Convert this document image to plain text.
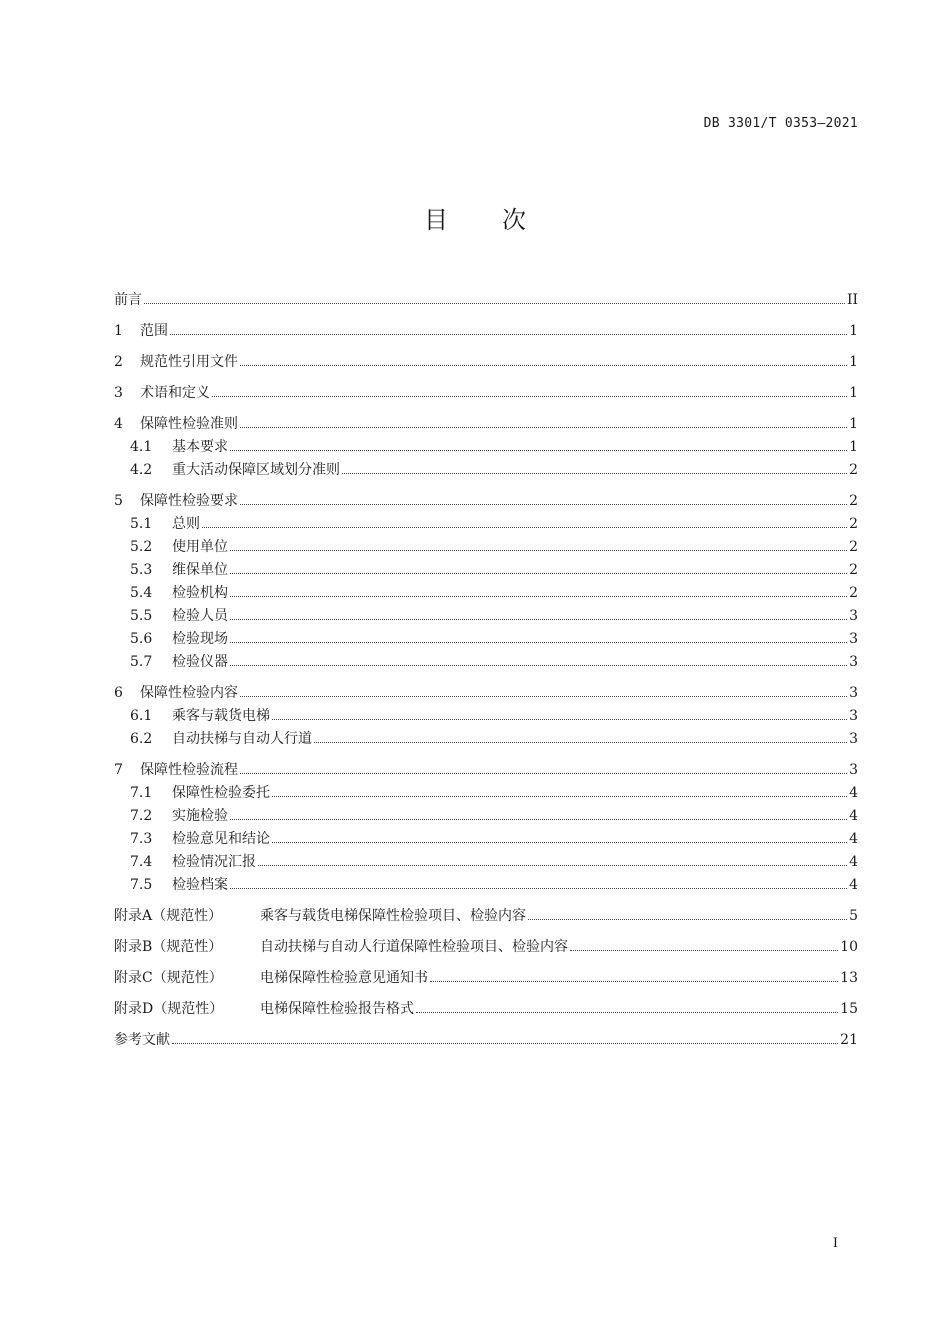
DB 3301/T 0353—2021
目次
前言	II
1 范围	1
2 规范性引用文件	1
3 术语和定义	1
4 保障性检验准则	1
4.1 基本要求	1
4.2 重大活动保障区域划分准则	2
5 保障性检验要求	2
5.1 总则	2
5.2 使用单位	2
5.3 维保单位	2
5.4 检验机构	2
5.5 检验人员	3
5.6 检验现场	3
5.7 检验仪器	3
6 保障性检验内容	3
6.1 乘客与载货电梯	3
6.2 自动扶梯与自动人行道	3
7 保障性检验流程	3
7.1 保障性检验委托	4
7.2 实施检验	4
7.3 检验意见和结论	4
7.4 检验情况汇报	4
7.5 检验档案	4
附录A（规范性）	乘客与载货电梯保障性检验项目、检验内容	5
附录B（规范性）	自动扶梯与自动人行道保障性检验项目、检验内容	10
附录C（规范性）	电梯保障性检验意见通知书	13
附录D（规范性）	电梯保障性检验报告格式	15
参考文献	21
I
